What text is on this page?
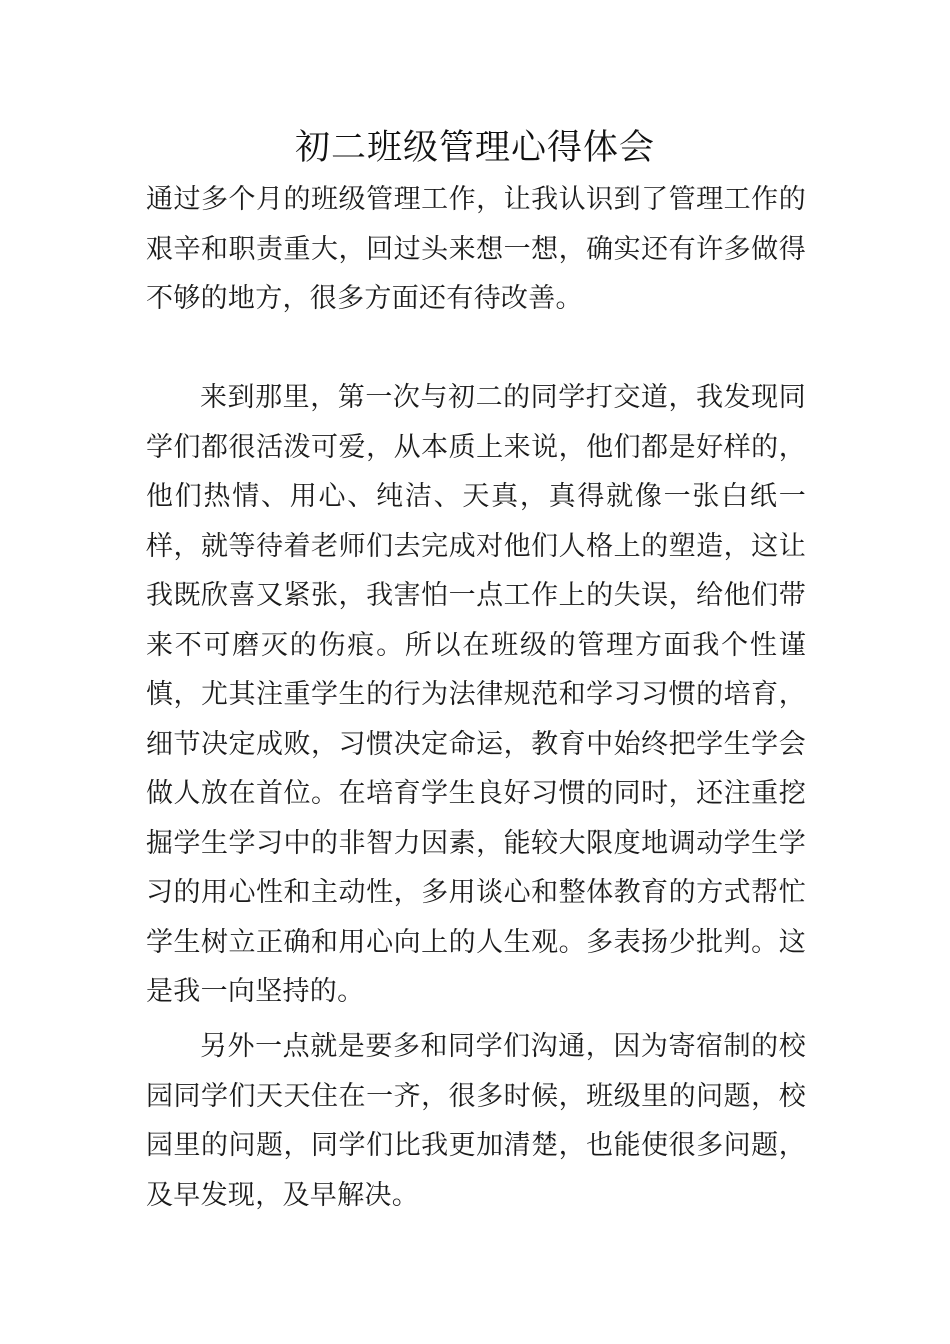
初二班级管理心得体会

通过多个月的班级管理工作，让我认识到了管理工作的艰辛和职责重大，回过头来想一想，确实还有许多做得不够的地方，很多方面还有待改善。

来到那里，第一次与初二的同学打交道，我发现同学们都很活泼可爱，从本质上来说，他们都是好样的，他们热情、用心、纯洁、天真，真得就像一张白纸一样，就等待着老师们去完成对他们人格上的塑造，这让我既欣喜又紧张，我害怕一点工作上的失误，给他们带来不可磨灭的伤痕。所以在班级的管理方面我个性谨慎，尤其注重学生的行为法律规范和学习习惯的培育，细节决定成败，习惯决定命运，教育中始终把学生学会做人放在首位。在培育学生良好习惯的同时，还注重挖掘学生学习中的非智力因素，能较大限度地调动学生学习的用心性和主动性，多用谈心和整体教育的方式帮忙学生树立正确和用心向上的人生观。多表扬少批判。这是我一向坚持的。

另外一点就是要多和同学们沟通，因为寄宿制的校园同学们天天住在一齐，很多时候，班级里的问题，校园里的问题，同学们比我更加清楚，也能使很多问题，及早发现，及早解决。
